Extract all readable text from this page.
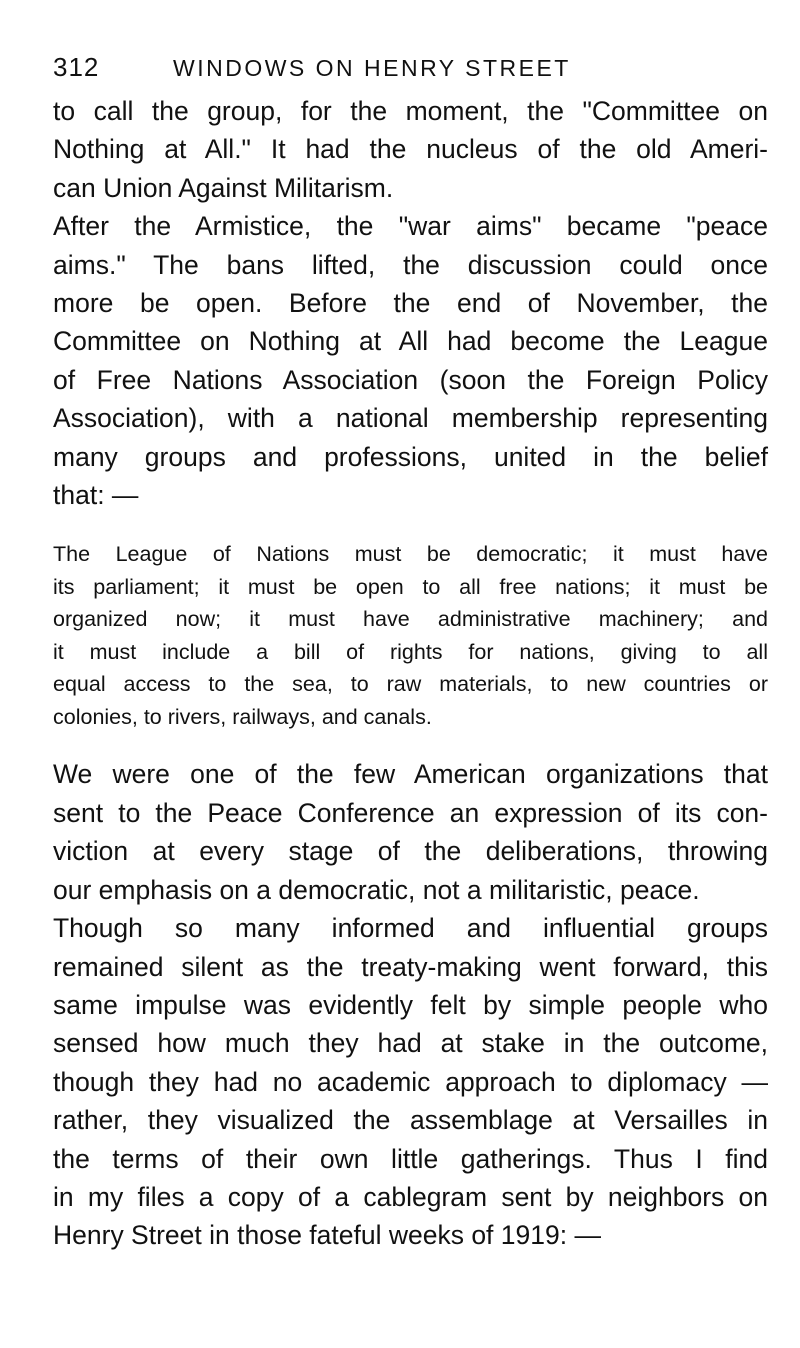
312	WINDOWS ON HENRY STREET
to call the group, for the moment, the "Committee on
Nothing at All." It had the nucleus of the old Ameri-
can Union Against Militarism.
After the Armistice, the "war aims" became "peace
aims." The bans lifted, the discussion could once
more be open. Before the end of November, the
Committee on Nothing at All had become the League
of Free Nations Association (soon the Foreign Policy
Association), with a national membership representing
many groups and professions, united in the belief
that: —
The League of Nations must be democratic; it must have
its parliament; it must be open to all free nations; it must be
organized now; it must have administrative machinery; and
it must include a bill of rights for nations, giving to all
equal access to the sea, to raw materials, to new countries or
colonies, to rivers, railways, and canals.
We were one of the few American organizations that
sent to the Peace Conference an expression of its con-
viction at every stage of the deliberations, throwing
our emphasis on a democratic, not a militaristic, peace.
Though so many informed and influential groups
remained silent as the treaty-making went forward, this
same impulse was evidently felt by simple people who
sensed how much they had at stake in the outcome,
though they had no academic approach to diplomacy —
rather, they visualized the assemblage at Versailles in
the terms of their own little gatherings. Thus I find
in my files a copy of a cablegram sent by neighbors on
Henry Street in those fateful weeks of 1919: —
